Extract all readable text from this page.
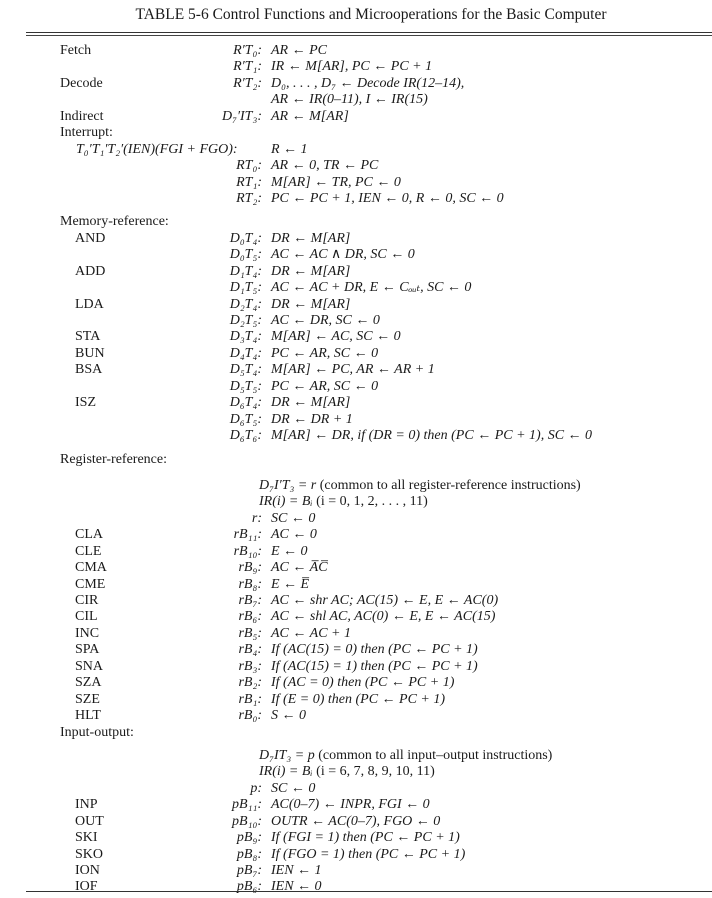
TABLE 5-6 Control Functions and Microoperations for the Basic Computer
Fetch	R′T₀: AR ← PC
R′T₁: IR ← M[AR], PC ← PC + 1
Decode	R′T₂: D₀, . . . , D₇ ← Decode IR(12–14),
AR ← IR(0–11), I ← IR(15)
Indirect	D₇′IT₃: AR ← M[AR]
Interrupt:
T₀′T₁′T₂′(IEN)(FGI + FGO): R ← 1
RT₀: AR ← 0, TR ← PC
RT₁: M[AR] ← TR, PC ← 0
RT₂: PC ← PC + 1, IEN ← 0, R ← 0, SC ← 0
Memory-reference:
AND	D₀T₄: DR ← M[AR]
D₀T₅: AC ← AC ∧ DR, SC ← 0
ADD	D₁T₄: DR ← M[AR]
D₁T₅: AC ← AC + DR, E ← Cₒᵤₜ, SC ← 0
LDA	D₂T₄: DR ← M[AR]
D₂T₅: AC ← DR, SC ← 0
STA	D₃T₄: M[AR] ← AC, SC ← 0
BUN	D₄T₄: PC ← AR, SC ← 0
BSA	D₅T₄: M[AR] ← PC, AR ← AR + 1
D₅T₅: PC ← AR, SC ← 0
ISZ	D₆T₄: DR ← M[AR]
D₆T₅: DR ← DR + 1
D₆T₆: M[AR] ← DR, if (DR = 0) then (PC ← PC + 1), SC ← 0
Register-reference:
D₇I′T₃ = r (common to all register-reference instructions)
IR(i) = Bᵢ (i = 0, 1, 2, . . . , 11)
r: SC ← 0
CLA	rB₁₁: AC ← 0
CLE	rB₁₀: E ← 0
CMA	rB₉: AC ← A̅C̅
CME	rB₈: E ← E̅
CIR	rB₇: AC ← shr AC; AC(15) ← E, E ← AC(0)
CIL	rB₆: AC ← shl AC, AC(0) ← E, E ← AC(15)
INC	rB₅: AC ← AC + 1
SPA	rB₄: If (AC(15) = 0) then (PC ← PC + 1)
SNA	rB₃: If (AC(15) = 1) then (PC ← PC + 1)
SZA	rB₂: If (AC = 0) then (PC ← PC + 1)
SZE	rB₁: If (E = 0) then (PC ← PC + 1)
HLT	rB₀: S ← 0
Input-output:
D₇IT₃ = p (common to all input–output instructions)
IR(i) = Bᵢ (i = 6, 7, 8, 9, 10, 11)
p: SC ← 0
INP	pB₁₁: AC(0–7) ← INPR, FGI ← 0
OUT	pB₁₀: OUTR ← AC(0–7), FGO ← 0
SKI	pB₉: If (FGI = 1) then (PC ← PC + 1)
SKO	pB₈: If (FGO = 1) then (PC ← PC + 1)
ION	pB₇: IEN ← 1
IOF	pB₆: IEN ← 0
